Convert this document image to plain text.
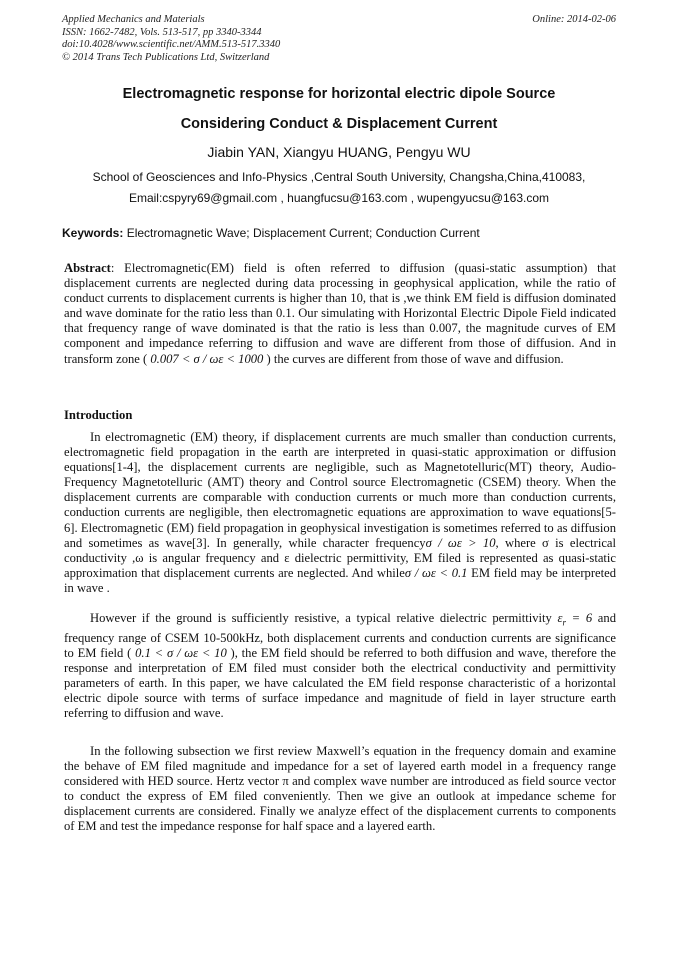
Applied Mechanics and Materials
ISSN: 1662-7482, Vols. 513-517, pp 3340-3344
doi:10.4028/www.scientific.net/AMM.513-517.3340
© 2014 Trans Tech Publications Ltd, Switzerland
Online: 2014-02-06
Electromagnetic response for horizontal electric dipole Source
Considering Conduct & Displacement Current
Jiabin YAN, Xiangyu HUANG, Pengyu WU
School of Geosciences and Info-Physics ,Central South University, Changsha,China,410083,
Email:cspyry69@gmail.com , huangfucsu@163.com , wupengyucsu@163.com
Keywords: Electromagnetic Wave; Displacement Current; Conduction Current
Abstract: Electromagnetic(EM) field is often referred to diffusion (quasi-static assumption) that displacement currents are neglected during data processing in geophysical application, while the ratio of conduct currents to displacement currents is higher than 10, that is ,we think EM field is diffusion dominated and wave dominate for the ratio less than 0.1. Our simulating with Horizontal Electric Dipole Field indicated that frequency range of wave dominated is that the ratio is less than 0.007, the magnitude curves of EM component and impedance referring to diffusion and wave are different from those of diffusion. And in transform zone ( 0.007 < σ / ωε < 1000 ) the curves are different from those of wave and diffusion.
Introduction
In electromagnetic (EM) theory, if displacement currents are much smaller than conduction currents, electromagnetic field propagation in the earth are interpreted in quasi-static approximation or diffusion equations[1-4], the displacement currents are negligible, such as Magnetotelluric(MT) theory, Audio-Frequency Magnetotelluric (AMT) theory and Control source Electromagnetic (CSEM) theory. When the displacement currents are comparable with conduction currents or much more than conduction currents, conduction currents are negligible, then electromagnetic equations are approximation to wave equations[5-6]. Electromagnetic (EM) field propagation in geophysical investigation is sometimes referred to as diffusion and sometimes as wave[3]. In generally, while character frequencyσ / ωε > 10, where σ is electrical conductivity ,ω is angular frequency and ε dielectric permittivity, EM filed is represented as quasi-static approximation that displacement currents are neglected. And whileσ / ωε < 0.1 EM field may be interpreted in wave .
However if the ground is sufficiently resistive, a typical relative dielectric permittivity $\varepsilon_r = 6$ and frequency range of CSEM 10-500kHz, both displacement currents and conduction currents are significance to EM field ( 0.1 < σ / ωε < 10 ), the EM field should be referred to both diffusion and wave, therefore the response and interpretation of EM filed must consider both the electrical conductivity and permittivity parameters of earth. In this paper, we have calculated the EM field response characteristic of a horizontal electric dipole source with terms of surface impedance and magnitude of field in layer structure earth referring to diffusion and wave.
In the following subsection we first review Maxwell’s equation in the frequency domain and examine the behave of EM filed magnitude and impedance for a set of layered earth model in a frequency range considered with HED source. Hertz vector π and complex wave number are introduced as field source vector to conduct the express of EM filed conveniently. Then we give an outlook at impedance scheme for displacement currents are considered. Finally we analyze effect of the displacement currents to components of EM and test the impedance response for half space and a layered earth.
